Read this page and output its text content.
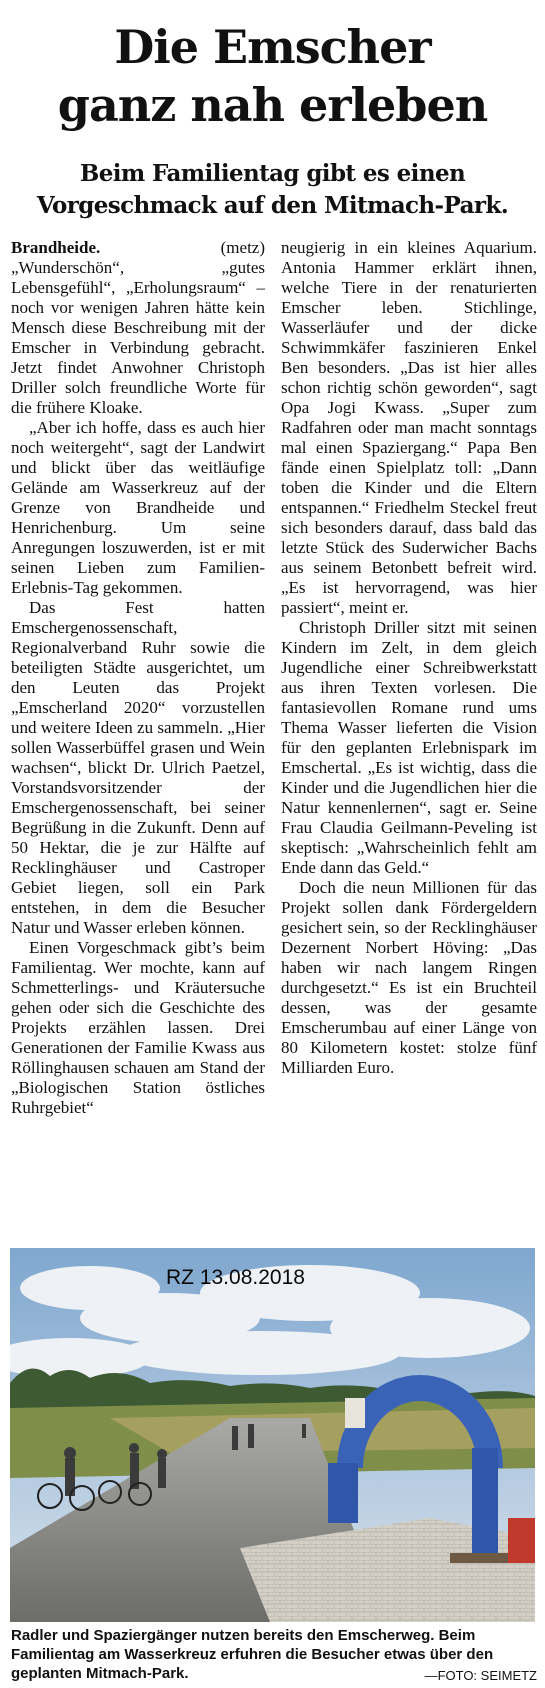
Die Emscher
ganz nah erleben
Beim Familientag gibt es einen
Vorgeschmack auf den Mitmach-Park.

Brandheide.	(metz) „Wunderschön“, „gutes Lebensgefühl“, „Erholungsraum“ – noch vor wenigen Jahren hätte kein Mensch diese Beschreibung mit der Emscher in Verbindung gebracht. Jetzt findet Anwohner Christoph Driller solch freundliche Worte für die frühere Kloake.

„Aber ich hoffe, dass es auch hier noch weitergeht“, sagt der Landwirt und blickt über das weitläufige Gelände am Wasserkreuz auf der Grenze von Brandheide und Henrichenburg. Um seine Anregungen loszuwerden, ist er mit seinen Lieben zum Familien-Erlebnis-Tag gekommen.

Das Fest hatten Emschergenossenschaft, Regionalverband Ruhr sowie die beteiligten Städte ausgerichtet, um den Leuten das Projekt „Emscherland 2020“ vorzustellen und weitere Ideen zu sammeln. „Hier sollen Wasserbüffel grasen und Wein wachsen“, blickt Dr. Ulrich Paetzel, Vorstandsvorsitzender der Emschergenossenschaft, bei seiner Begrüßung in die Zukunft. Denn auf 50 Hektar, die je zur Hälfte auf Recklinghäuser und Castroper Gebiet liegen, soll ein Park entstehen, in dem die Besucher Natur und Wasser erleben können.

Einen Vorgeschmack gibt’s beim Familientag. Wer mochte, kann auf Schmetterlings- und Kräutersuche gehen oder sich die Geschichte des Projekts erzählen lassen. Drei Generationen der Familie Kwass aus Röllinghausen schauen am Stand der „Biologischen Station östliches Ruhrgebiet“

neugierig in ein kleines Aquarium. Antonia Hammer erklärt ihnen, welche Tiere in der renaturierten Emscher leben. Stichlinge, Wasserläufer und der dicke Schwimmkäfer faszinieren Enkel Ben besonders. „Das ist hier alles schon richtig schön geworden“, sagt Opa Jogi Kwass. „Super zum Radfahren oder man macht sonntags mal einen Spaziergang.“ Papa Ben fände einen Spielplatz toll: „Dann toben die Kinder und die Eltern entspannen.“ Friedhelm Steckel freut sich besonders darauf, dass bald das letzte Stück des Suderwicher Bachs aus seinem Betonbett befreit wird. „Es ist hervorragend, was hier passiert“, meint er.

Christoph Driller sitzt mit seinen Kindern im Zelt, in dem gleich Jugendliche einer Schreibwerkstatt aus ihren Texten vorlesen. Die fantasievollen Romane rund ums Thema Wasser lieferten die Vision für den geplanten Erlebnispark im Emschertal. „Es ist wichtig, dass die Kinder und die Jugendlichen hier die Natur kennenlernen“, sagt er. Seine Frau Claudia Geilmann-Peveling ist skeptisch: „Wahrscheinlich fehlt am Ende dann das Geld.“

Doch die neun Millionen für das Projekt sollen dank Fördergeldern gesichert sein, so der Recklinghäuser Dezernent Norbert Höving: „Das haben wir nach langem Ringen durchgesetzt.“ Es ist ein Bruchteil dessen, was der gesamte Emscherumbau auf einer Länge von 80 Kilometern kostet: stolze fünf Milliarden Euro.

RZ 13.08.2018
Radler und Spaziergänger nutzen bereits den Emscherweg. Beim Familientag am Wasserkreuz erfuhren die Besucher etwas über den geplanten Mitmach-Park.	—FOTO: SEIMETZ
